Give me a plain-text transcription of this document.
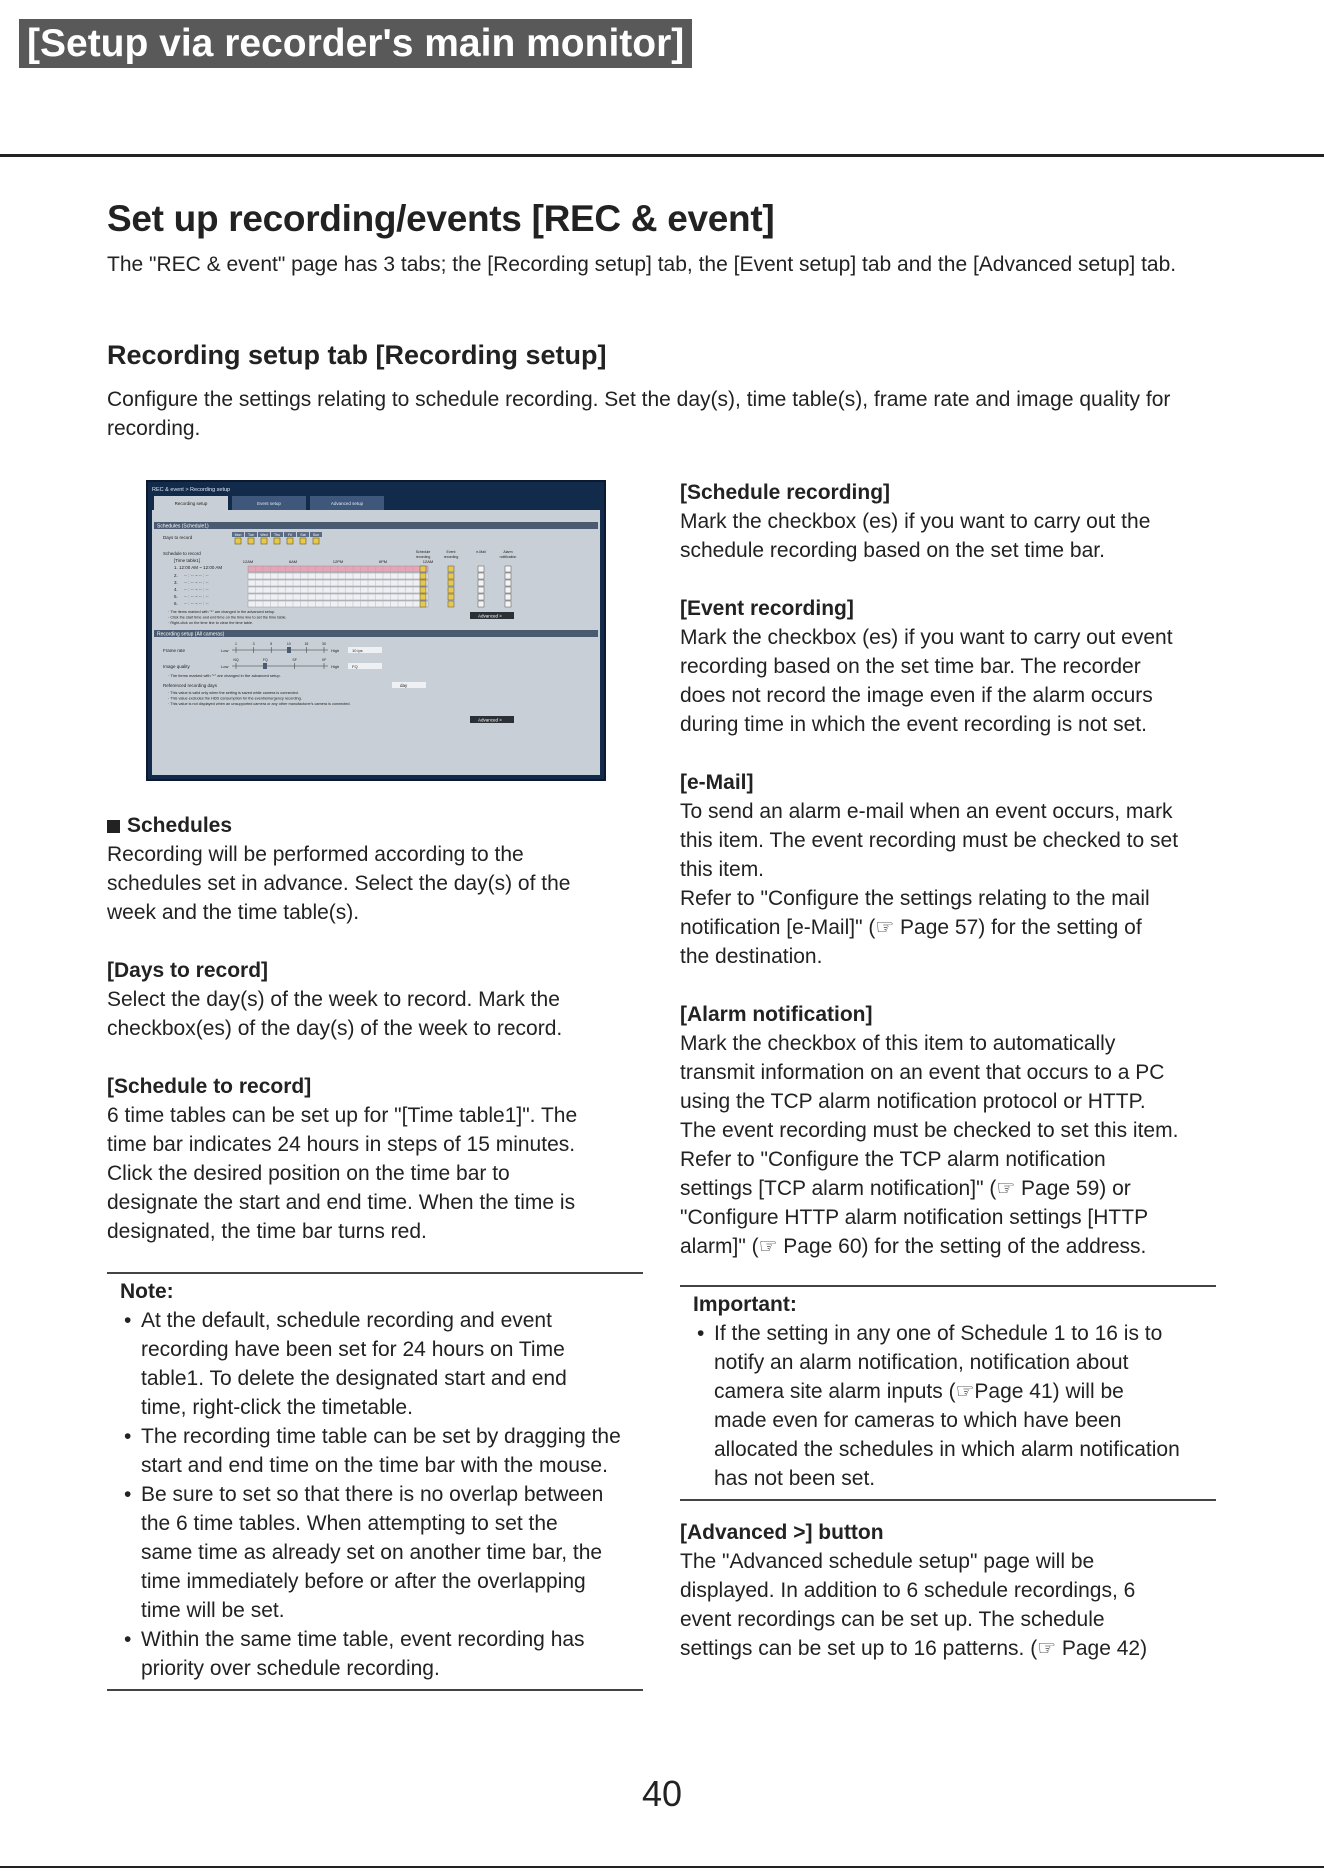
[Setup via recorder's main monitor]
Set up recording/events [REC & event]

The "REC & event" page has 3 tabs; the [Recording setup] tab, the [Event setup] tab and the [Advanced setup] tab.

Recording setup tab [Recording setup]

Configure the settings relating to schedule recording. Set the day(s), time table(s), frame rate and image quality for recording.

REC & event > Recording setup
Recording setup	Event setup	Advanced setup
Schedules (Schedule1)
Days to record	Mon Tue Wed Thu Fri Sat Sun
Schedule to record
[Time table1]
1. 12:00 AM ~ 12:00 AM
2. -- : -- ~ -- : --
3. -- : -- ~ -- : --
4. -- : -- ~ -- : --
5. -- : -- ~ -- : --
6. -- : -- ~ -- : --
12AM	6AM	12PM	6PM	12AM
Schedule
recording
Event
recording
e-Mail	Alarm
notification
· The items marked with "*" are changed in the advanced setup.
· Click the start time and end time on the time line to set the time table.
· Right-click on the time line to clear the time table.
Advanced >
Recording setup (All cameras)
Frame rate	Low
1	3	5	10	15	30
High	10 ips
Image quality	Low
NQ	FQ	SF	XF
High	FQ
· The items marked with "*" are changed in the advanced setup.
Referenced recording days	day
· This value is valid only when the setting is saved while camera is connected.
· This value excludes the HDD consumption for the event/emergency recording.
· This value is not displayed when an unsupported camera or any other manufacturer's camera is connected.
Advanced >

Schedules

Recording will be performed according to the
schedules set in advance. Select the day(s) of the
week and the time table(s).

[Days to record]

Select the day(s) of the week to record. Mark the
checkbox(es) of the day(s) of the week to record.

[Schedule to record]

6 time tables can be set up for "[Time table1]". The
time bar indicates 24 hours in steps of 15 minutes.
Click the desired position on the time bar to
designate the start and end time. When the time is
designated, the time bar turns red.
Note:
• At the default, schedule recording and event
recording have been set for 24 hours on Time
table1. To delete the designated start and end
time, right-click the timetable.
• The recording time table can be set by dragging the
start and end time on the time bar with the mouse.
• Be sure to set so that there is no overlap between
the 6 time tables. When attempting to set the
same time as already set on another time bar, the
time immediately before or after the overlapping
time will be set.
• Within the same time table, event recording has
priority over schedule recording.

[Schedule recording]

Mark the checkbox (es) if you want to carry out the
schedule recording based on the set time bar.

[Event recording]

Mark the checkbox (es) if you want to carry out event
recording based on the set time bar. The recorder
does not record the image even if the alarm occurs
during time in which the event recording is not set.

[e-Mail]

To send an alarm e-mail when an event occurs, mark
this item. The event recording must be checked to set
this item.
Refer to "Configure the settings relating to the mail
notification [e-Mail]" (☞ Page 57) for the setting of
the destination.

[Alarm notification]

Mark the checkbox of this item to automatically
transmit information on an event that occurs to a PC
using the TCP alarm notification protocol or HTTP.
The event recording must be checked to set this item.
Refer to "Configure the TCP alarm notification
settings [TCP alarm notification]" (☞ Page 59) or
"Configure HTTP alarm notification settings [HTTP
alarm]" (☞ Page 60) for the setting of the address.
Important:
• If the setting in any one of Schedule 1 to 16 is to
notify an alarm notification, notification about
camera site alarm inputs (☞Page 41) will be
made even for cameras to which have been
allocated the schedules in which alarm notification
has not been set.

[Advanced >] button

The "Advanced schedule setup" page will be
displayed. In addition to 6 schedule recordings, 6
event recordings can be set up. The schedule
settings can be set up to 16 patterns. (☞ Page 42)
40
